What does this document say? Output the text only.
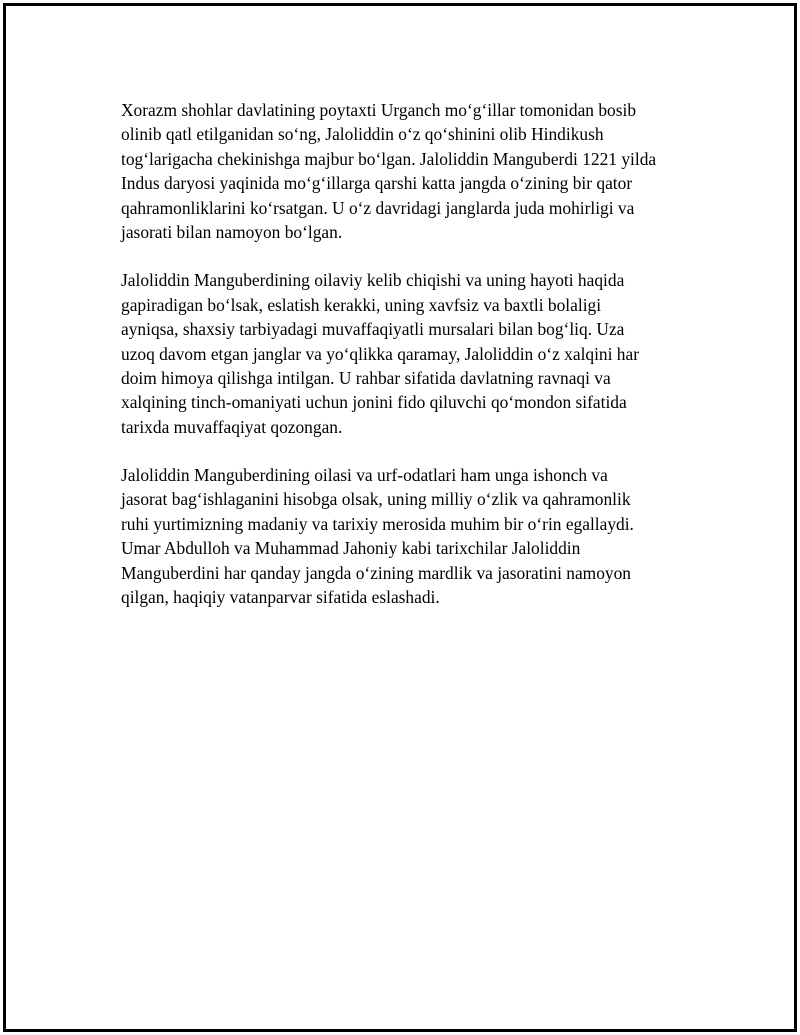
Xorazm shohlar davlatining poytaxti Urganch mo‘g‘illar tomonidan bosib
olinib qatl etilganidan so‘ng, Jaloliddin o‘z qo‘shinini olib Hindikush
tog‘larigacha chekinishga majbur bo‘lgan. Jaloliddin Manguberdi 1221 yilda
Indus daryosi yaqinida mo‘g‘illarga qarshi katta jangda o‘zining bir qator
qahramonliklarini ko‘rsatgan. U o‘z davridagi janglarda juda mohirligi va
jasorati bilan namoyon bo‘lgan.

Jaloliddin Manguberdining oilaviy kelib chiqishi va uning hayoti haqida
gapiradigan bo‘lsak, eslatish kerakki, uning xavfsiz va baxtli bolaligi
ayniqsa, shaxsiy tarbiyadagi muvaffaqiyatli mursalari bilan bog‘liq. Uza
uzoq davom etgan janglar va yo‘qlikka qaramay, Jaloliddin o‘z xalqini har
doim himoya qilishga intilgan. U rahbar sifatida davlatning ravnaqi va
xalqining tinch-omaniyati uchun jonini fido qiluvchi qo‘mondon sifatida
tarixda muvaffaqiyat qozongan.

Jaloliddin Manguberdining oilasi va urf-odatlari ham unga ishonch va
jasorat bag‘ishlaganini hisobga olsak, uning milliy o‘zlik va qahramonlik
ruhi yurtimizning madaniy va tarixiy merosida muhim bir o‘rin egallaydi.
Umar Abdulloh va Muhammad Jahoniy kabi tarixchilar Jaloliddin
Manguberdini har qanday jangda o‘zining mardlik va jasoratini namoyon
qilgan, haqiqiy vatanparvar sifatida eslashadi.
